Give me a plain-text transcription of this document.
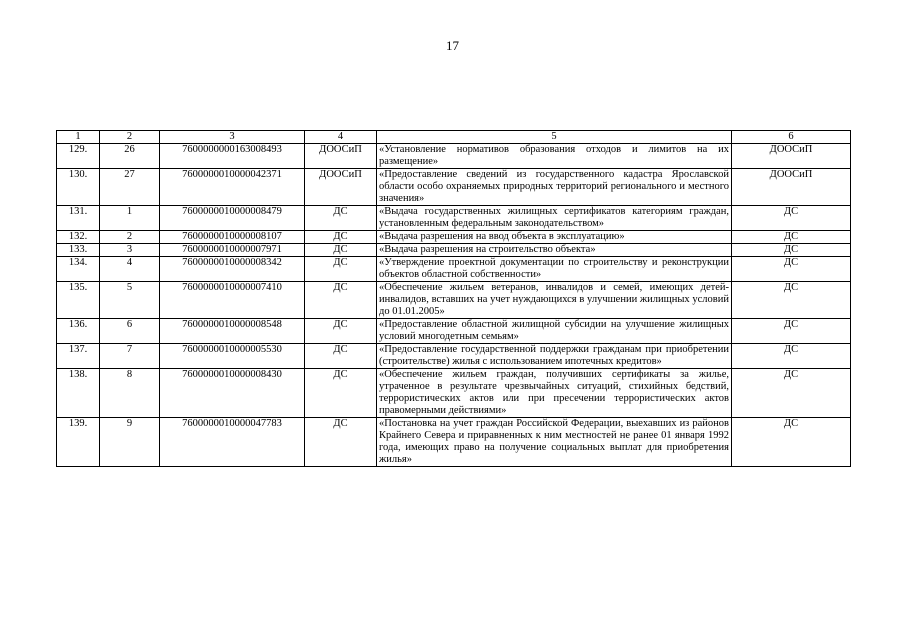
17
1	2	3	4	5	6
129.	26	7600000000163008493	ДООСиП	«Установление нормативов образования отходов и лимитов на их размещение»	ДООСиП
130.	27	7600000010000042371	ДООСиП	«Предоставление сведений из государственного кадастра Ярославской области особо охраняемых природных территорий регионального и местного значения»	ДООСиП
131.	1	7600000010000008479	ДС	«Выдача государственных жилищных сертификатов категориям граждан, установленным федеральным законодательством»	ДС
132.	2	7600000010000008107	ДС	«Выдача разрешения на ввод объекта в эксплуатацию»	ДС
133.	3	7600000010000007971	ДС	«Выдача разрешения на строительство объекта»	ДС
134.	4	7600000010000008342	ДС	«Утверждение проектной документации по строительству и реконструкции объектов областной собственности»	ДС
135.	5	7600000010000007410	ДС	«Обеспечение жильем ветеранов, инвалидов и семей, имеющих детей-инвалидов, вставших на учет нуждающихся в улучшении жилищных условий до 01.01.2005»	ДС
136.	6	7600000010000008548	ДС	«Предоставление областной жилищной субсидии на улучшение жилищных условий многодетным семьям»	ДС
137.	7	7600000010000005530	ДС	«Предоставление государственной поддержки гражданам при приобретении (строительстве) жилья с использованием ипотечных кредитов»	ДС
138.	8	7600000010000008430	ДС	«Обеспечение жильем граждан, получивших сертификаты за жилье, утраченное в результате чрезвычайных ситуаций, стихийных бедствий, террористических актов или при пресечении террористических актов правомерными действиями»	ДС
139.	9	7600000010000047783	ДС	«Постановка на учет граждан Российской Федерации, выехавших из районов Крайнего Севера и приравненных к ним местностей не ранее 01 января 1992 года, имеющих право на получение социальных выплат для приобретения жилья»	ДС
